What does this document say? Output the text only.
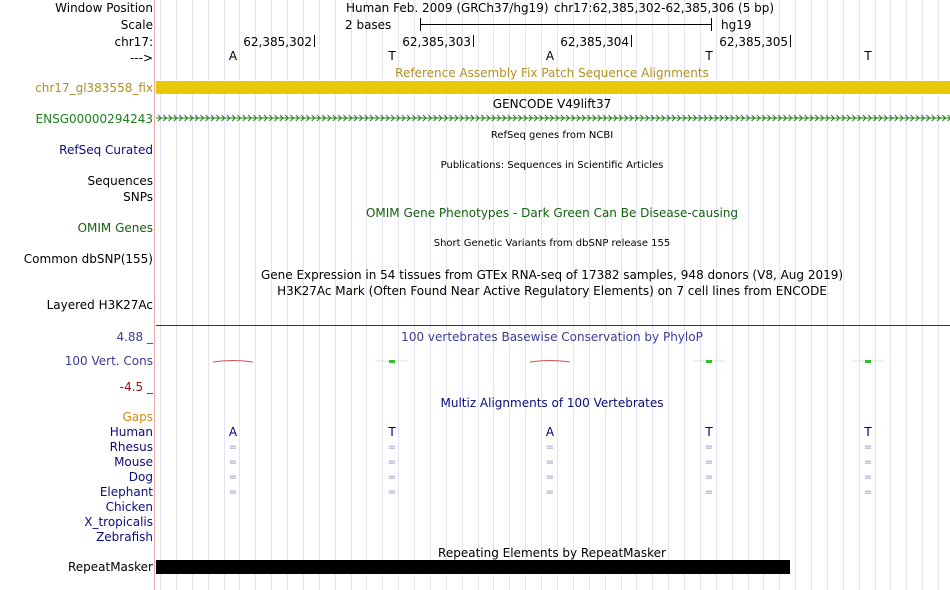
Window Position
Scale
chr17:
--->
Human Feb. 2009 (GRCh37/hg19) chr17:62,385,302-62,385,306 (5 bp)
2 bases	hg19
62,385,302	62,385,303	62,385,304	62,385,305
A	T	A	T	T
Reference Assembly Fix Patch Sequence Alignments
chr17_gl383558_fix
GENCODE V49lift37
ENSG00000294243
RefSeq genes from NCBI
RefSeq Curated
Publications: Sequences in Scientific Articles
Sequences
SNPs
OMIM Gene Phenotypes - Dark Green Can Be Disease-causing
OMIM Genes
Short Genetic Variants from dbSNP release 155
Common dbSNP(155)
Gene Expression in 54 tissues from GTEx RNA-seq of 17382 samples, 948 donors (V8, Aug 2019)
H3K27Ac Mark (Often Found Near Active Regulatory Elements) on 7 cell lines from ENCODE
Layered H3K27Ac
100 vertebrates Basewise Conservation by PhyloP
4.88 _
100 Vert. Cons
-4.5 _
Gaps
Multiz Alignments of 100 Vertebrates
Human	A	T	A	T	T
Rhesus	=	=	=	=	=
Mouse	=	=	=	=	=
Dog	=	=	=	=	=
Elephant	=	=	=	=	=
Chicken
X_tropicalis
Zebrafish
Repeating Elements by RepeatMasker
RepeatMasker
